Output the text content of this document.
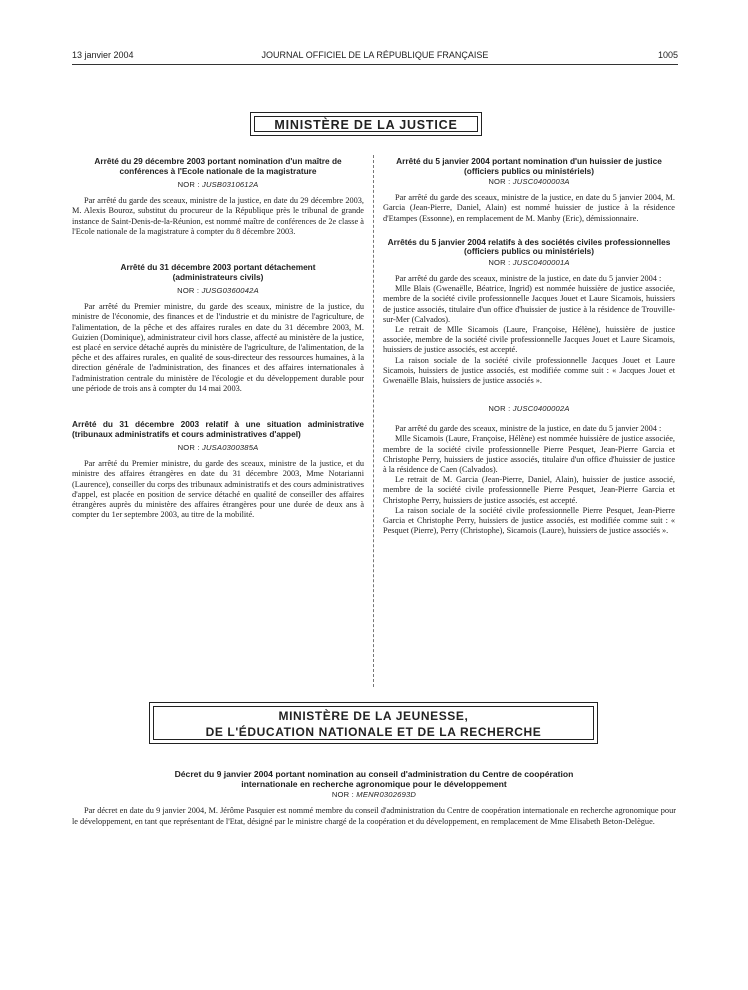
13 janvier 2004	JOURNAL OFFICIEL DE LA RÉPUBLIQUE FRANÇAISE	1005
MINISTÈRE DE LA JUSTICE
Arrêté du 29 décembre 2003 portant nomination d'un maître de conférences à l'Ecole nationale de la magistrature
NOR : JUSB0310612A

Par arrêté du garde des sceaux, ministre de la justice, en date du 29 décembre 2003, M. Alexis Bouroz, substitut du procureur de la République près le tribunal de grande instance de Saint-Denis-de-la-Réunion, est nommé maître de conférences de 2e classe à l'Ecole nationale de la magistrature à compter du 8 décembre 2003.

Arrêté du 31 décembre 2003 portant détachement (administrateurs civils)
NOR : JUSG0360042A

Par arrêté du Premier ministre, du garde des sceaux, ministre de la justice, du ministre de l'économie, des finances et de l'industrie et du ministre de l'agriculture, de l'alimentation, de la pêche et des affaires rurales en date du 31 décembre 2003, M. Guizien (Dominique), administrateur civil hors classe, affecté au ministère de la justice, est placé en service détaché auprès du ministère de l'agriculture, de l'alimentation, de la pêche et des affaires rurales, en qualité de sous-directeur des ressources humaines, à la direction générale de l'administration, des finances et des affaires internationales à l'administration centrale du ministère de l'écologie et du développement durable pour une période de trois ans à compter du 14 mai 2003.

Arrêté du 31 décembre 2003 relatif à une situation administrative (tribunaux administratifs et cours administratives d'appel)
NOR : JUSA0300385A

Par arrêté du Premier ministre, du garde des sceaux, ministre de la justice, et du ministre des affaires étrangères en date du 31 décembre 2003, Mme Notarianni (Laurence), conseiller du corps des tribunaux administratifs et des cours administratives d'appel, est placée en position de service détaché en qualité de conseiller des affaires étrangères auprès du ministère des affaires étrangères pour une durée de deux ans à compter du 1er septembre 2003, au titre de la mobilité.

Arrêté du 5 janvier 2004 portant nomination d'un huissier de justice (officiers publics ou ministériels)
NOR : JUSC0400003A

Par arrêté du garde des sceaux, ministre de la justice, en date du 5 janvier 2004, M. Garcia (Jean-Pierre, Daniel, Alain) est nommé huissier de justice à la résidence d'Etampes (Essonne), en remplacement de M. Manby (Eric), démissionnaire.

Arrêtés du 5 janvier 2004 relatifs à des sociétés civiles professionnelles (officiers publics ou ministériels)
NOR : JUSC0400001A

Par arrêté du garde des sceaux, ministre de la justice, en date du 5 janvier 2004 :

Mlle Blais (Gwenaëlle, Béatrice, Ingrid) est nommée huissière de justice associée, membre de la société civile professionnelle Jacques Jouet et Laure Sicamois, huissiers de justice associés, titulaire d'un office d'huissier de justice à la résidence de Trouville-sur-Mer (Calvados).

Le retrait de Mlle Sicamois (Laure, Françoise, Hélène), huissière de justice associée, membre de la société civile professionnelle Jacques Jouet et Laure Sicamois, huissiers de justice associés, est accepté.

La raison sociale de la société civile professionnelle Jacques Jouet et Laure Sicamois, huissiers de justice associés, est modifiée comme suit : « Jacques Jouet et Gwenaëlle Blais, huissiers de justice associés ».

NOR : JUSC0400002A

Par arrêté du garde des sceaux, ministre de la justice, en date du 5 janvier 2004 :

Mlle Sicamois (Laure, Françoise, Hélène) est nommée huissière de justice associée, membre de la société civile professionnelle Pierre Pesquet, Jean-Pierre Garcia et Christophe Perry, huissiers de justice associés, titulaire d'un office d'huissier de justice à la résidence de Caen (Calvados).

Le retrait de M. Garcia (Jean-Pierre, Daniel, Alain), huissier de justice associé, membre de la société civile professionnelle Pierre Pesquet, Jean-Pierre Garcia et Christophe Perry, huissiers de justice associés, est accepté.

La raison sociale de la société civile professionnelle Pierre Pesquet, Jean-Pierre Garcia et Christophe Perry, huissiers de justice associés, est modifiée comme suit : « Pesquet (Pierre), Perry (Christophe), Sicamois (Laure), huissiers de justice associés ».

MINISTÈRE DE LA JEUNESSE,
DE L'ÉDUCATION NATIONALE ET DE LA RECHERCHE
Décret du 9 janvier 2004 portant nomination au conseil d'administration du Centre de coopération internationale en recherche agronomique pour le développement
NOR : MENR0302693D

Par décret en date du 9 janvier 2004, M. Jérôme Pasquier est nommé membre du conseil d'administration du Centre de coopération internationale en recherche agronomique pour le développement, en tant que représentant de l'Etat, désigné par le ministre chargé de la coopération et du développement, en remplacement de Mme Elisabeth Beton-Delègue.
